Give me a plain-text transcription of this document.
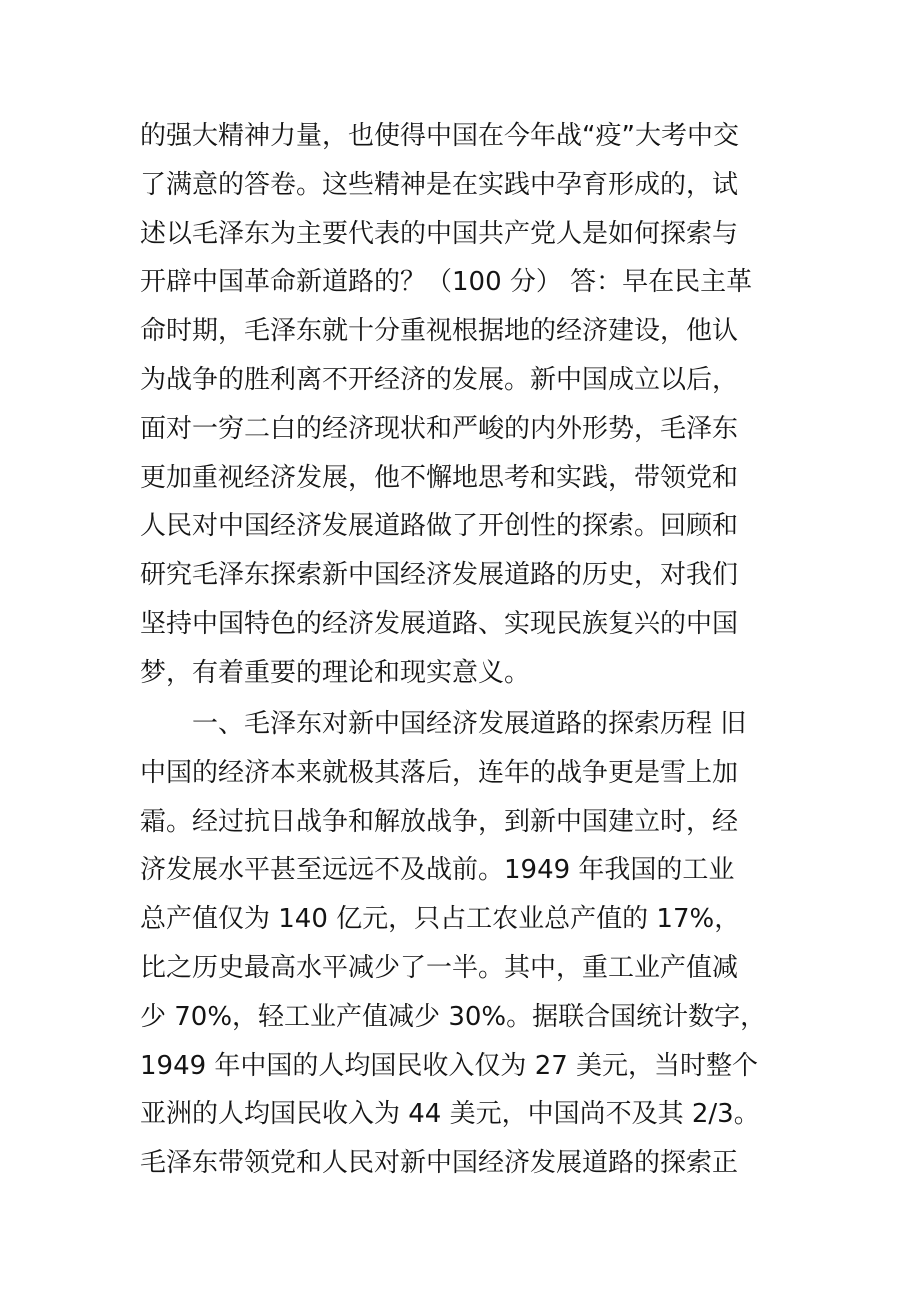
的强大精神力量，也使得中国在今年战“疫”大考中交
了满意的答卷。这些精神是在实践中孕育形成的，试
述以毛泽东为主要代表的中国共产党人是如何探索与
开辟中国革命新道路的？（100 分） 答：早在民主革
命时期，毛泽东就十分重视根据地的经济建设，他认
为战争的胜利离不开经济的发展。新中国成立以后，
面对一穷二白的经济现状和严峻的内外形势，毛泽东
更加重视经济发展，他不懈地思考和实践，带领党和
人民对中国经济发展道路做了开创性的探索。回顾和
研究毛泽东探索新中国经济发展道路的历史，对我们
坚持中国特色的经济发展道路、实现民族复兴的中国
梦，有着重要的理论和现实意义。
　　一、毛泽东对新中国经济发展道路的探索历程 旧
中国的经济本来就极其落后，连年的战争更是雪上加
霜。经过抗日战争和解放战争，到新中国建立时，经
济发展水平甚至远远不及战前。1949 年我国的工业
总产值仅为 140 亿元，只占工农业总产值的 17%，
比之历史最高水平减少了一半。其中，重工业产值减
少 70%，轻工业产值减少 30%。据联合国统计数字，
1949 年中国的人均国民收入仅为 27 美元，当时整个
亚洲的人均国民收入为 44 美元，中国尚不及其 2/3。
毛泽东带领党和人民对新中国经济发展道路的探索正
